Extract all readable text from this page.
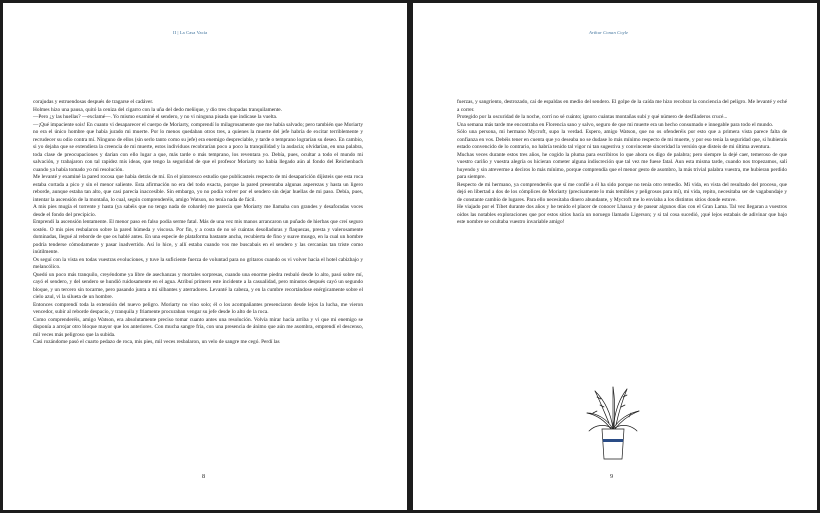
II | La Casa Vacía

corajudas y estruendosas después de tragarse el cadáver.

Holmes hizo una pausa, quitó la ceniza del cigarro con la uña del dedo meñique, y dio tres chupadas tranquilamente.

—Pero ¿y las huellas? —exclamé—. Yo mismo examiné el sendero, y no vi ninguna pisada que indicase la vuelta.

—¡Qué impaciente sois! En cuanto vi desaparecer el cuerpo de Moriarty, comprendí lo milagrosamente que me había salvado; pero también que Moriarty no era el único hombre que había jurado mi muerte. Por lo menos quedaban otros tres, a quienes la muerte del jefe habría de excitar terriblemente y recrudecer su odio contra mí. Ninguno de ellos (sin serlo tanto como su jefe) era enemigo despreciable, y tarde o temprano lograrían su deseo. En cambio, si yo dejaba que se extendiera la creencia de mi muerte, estos individuos recobrarían poco a poco la tranquilidad y la audacia; olvidarían, en una palabra, toda clase de preocupaciones y darían con ello lugar a que, más tarde o más temprano, los reventara yo. Debía, pues, ocultar a todo el mundo mi salvación, y trabajaron con tal rapidez mis ideas, que tengo la seguridad de que el profesor Moriarty no había llegado aún al fondo del Reichenbach cuando ya había tomado yo mi resolución.

Me levanté y examiné la pared rocosa que había detrás de mí. En el pintoresco estudio que publicasteis respecto de mi desaparición dijisteis que esta roca estaba cortada a pico y sin el menor saliente. Esta afirmación no era del todo exacta, porque la pared presentaba algunas asperezas y hasta un ligero reborde, aunque estaba tan alto, que casi parecía inaccesible. Sin embargo, yo no podía volver por el sendero sin dejar huellas de mi paso. Debía, pues, intentar la ascensión de la montaña, lo cual, según comprenderéis, amigo Watson, no tenía nada de fácil.

A mis pies mugía el torrente y hasta (ya sabéis que no tengo nada de cobarde) me parecía que Moriarty me llamaba con grandes y desaforadas voces desde el fondo del precipicio.

Emprendí la ascensión lentamente. El menor paso en falso podía serme fatal. Más de una vez mis manos arrancaron un puñado de hierbas que creí seguro sostén. O mis pies resbalaron sobre la pared húmeda y viscosa. Por fin, y a costa de no sé cuántas desolladuras y flaquezas, presta y valerosamente dominadas, llegué al reborde de que os hablé antes. En una especie de plataforma bastante ancha, recubierta de fino y suave musgo, en la cual un hombre podría tenderse cómodamente y pasar inadvertido. Así lo hice, y allí estaba cuando vos me buscabais en el sendero y las cercanías tan triste como inútilmente.

Os seguí con la vista en todas vuestras evoluciones, y tuve la suficiente fuerza de voluntad para no gritaros cuando os vi volver hacia el hotel cabizbajo y melancólico.

Quedó un poco más tranquilo, creyéndome ya libre de asechanzas y mortales sorpresas, cuando una enorme piedra resbaló desde lo alto, pasó sobre mí, cayó el sendero, y del sendero se hundió ruidosamente en el agua. Atribuí primero este incidente a la casualidad, pero minutos después cayó un segundo bloque, y un tercero sin tocarme, pero pasando junta a mi silbantes y aterradores. Levanté la cabeza, y en la cumbre recortándose enérgicamente sobre el cielo azul, vi la silueta de un hombre.

Entonces comprendí toda la extensión del nuevo peligro. Moriarty no vino solo; él o los acompañantes presenciaron desde lejos la lucha, me vieron vencedor, subir al reborde despacio, y tranquila y friamente procuraban vengar su jefe desde lo alto de la roca.

Como comprenderéis, amigo Watson, era absolutamente preciso tomar cuanto antes una resolución. Volvía mirar hacia arriba y vi que mi enemigo se disponía a arrojar otro bloque mayor que los anteriores. Con mucha sangre fría, con una presencia de ánimo que aún me asombra, emprendí el descenso, mil veces más peligroso que la subida.

Casi rozándome pasó el cuarto pedazo de roca, mis pies, mil veces resbalaron, un velo de sangre me cegó. Perdí las

8
Arthur Conan Coyle

fuerzas, y sangriento, destrozado, caí de espaldas en medio del sendero. El golpe de la caída me hizo recobrar la conciencia del peligro. Me levanté y eché a correr.

Protegido por la oscuridad de la noche, corrí no sé cuánto; ignoro cuántas montañas subí y qué número de desfiladeros crucé...

Una semana más tarde me encontraba en Florencia sano y salvo, seguro de que mi muerte era un hecho consumado e innegable para todo el mundo.

Sólo una persona, mi hermano Mycroft, supo la verdad. Espero, amigo Watson, que no os ofenderéis por esto que a primera vista parece falta de confianza en vos. Debéis tener en cuenta que yo deseaba no se dudase lo más mínimo respecto de mi muerte, y por eso tenía la seguridad que, si hubierais estado convencido de lo contrario, no habría tenido tal vigor ni tan sugestiva y convincente sinceridad la versión que disteis de mi última aventura.

Muchas veces durante estos tres años, he cogido la pluma para escribiros lo que ahora os digo de palabra; pero siempre la dejé caer, temeroso de que vuestro cariño y vuestra alegría os hicieran cometer alguna indiscreción que tal vez me fuese fatal. Aun esta misma tarde, cuando nos tropezamos, salí huyendo y sin atreverme a deciros lo más mínimo, porque comprendía que el menor gesto de asombro, la más trivial palabra vuestra, me hubieran perdido para siempre.

Respecto de mi hermano, ya comprenderéis que sí me confié a él ha sido porque no tenía otro remedio. Mi vida, en vista del resultado del proceso, que dejó en libertad a dos de los cómplices de Moriarty (precisamente lo más temibles y peligrosos para mí), mi vida, repito, necesitaba ser de vagabundaje y de constante cambio de lugares. Para ello necesitaba dinero abundante, y Mycroft me lo enviaba a los distintos sitios donde estuve.

He viajado por el Tíbet durante dos años y he tenido el placer de conocer Lhassa y de pasear algunos días con el Gran Lama. Tal vez llegaran a vuestros oídos las notables exploraciones que por estos sitios hacía un noruego llamado Ligerson; y si tal cosa sucedió, ¡qué lejos estabais de adivinar que bajo este nombre se ocultaba vuestro invariable amigo!

9
